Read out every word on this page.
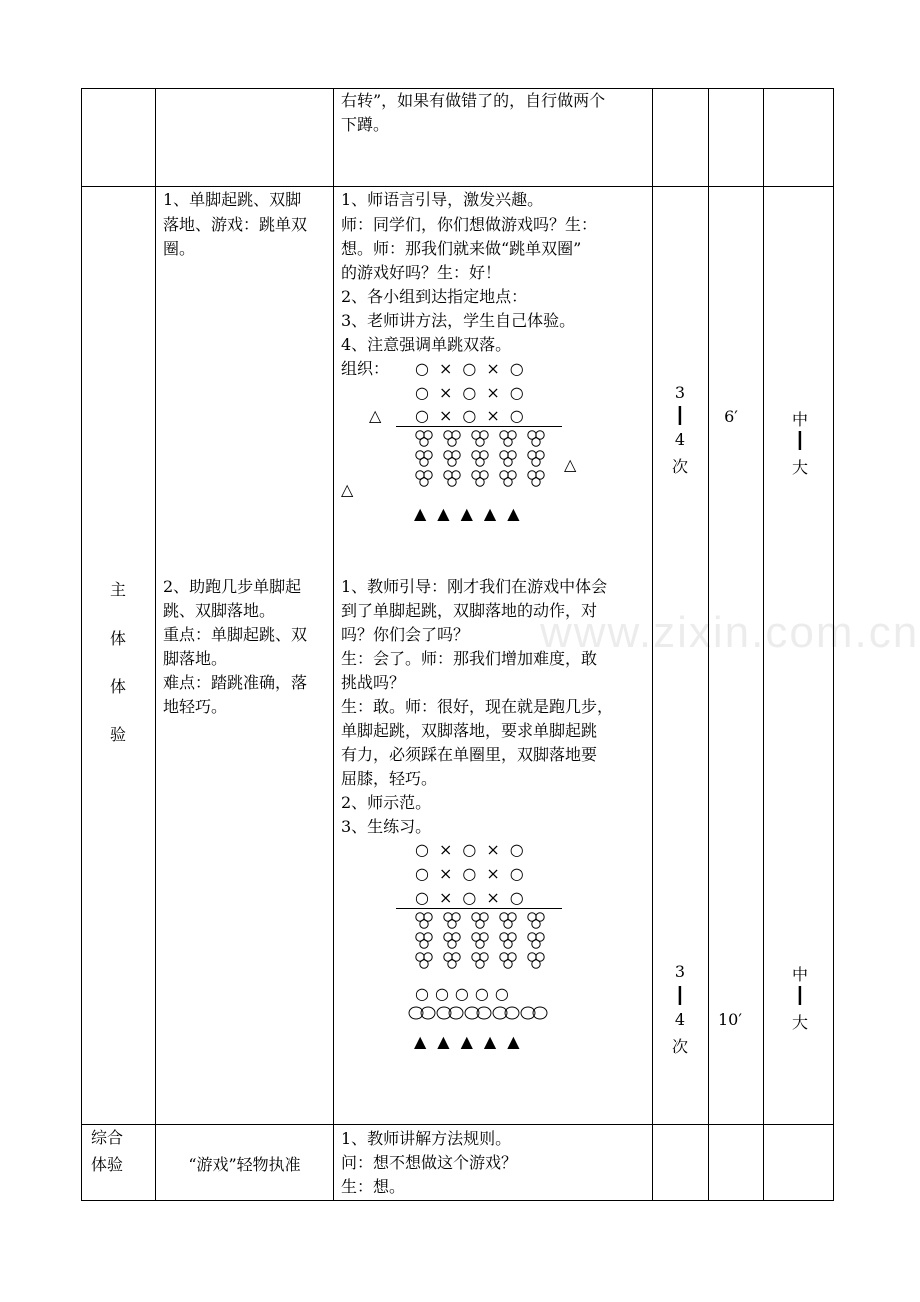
右转”，如果有做错了的，自行做两个
下蹲。
主
体
体
验
1、单脚起跳、双脚
落地、游戏：跳单双
圈。
1、师语言引导，激发兴趣。
师：同学们，你们想做游戏吗？生：
想。师：那我们就来做“跳单双圈”
的游戏好吗？生：好！
2、各小组到达指定地点：
3、老师讲方法，学生自己体验。
4、注意强调单跳双落。
组织： ○×○×○
○×○×○
○×○×○
△
△
△
▲▲▲▲▲
3
┃
4
次
6′	中
┃
大
2、助跑几步单脚起
跳、双脚落地。
重点：单脚起跳、双
脚落地。
难点：踏跳准确，落
地轻巧。
1、教师引导：刚才我们在游戏中体会
到了单脚起跳，双脚落地的动作，对
吗？你们会了吗？
生：会了。师：那我们增加难度，敢
挑战吗？
生：敢。师：很好，现在就是跑几步，
单脚起跳，双脚落地，要求单脚起跳
有力，必须踩在单圈里，双脚落地要
屈膝，轻巧。
2、师示范。
3、生练习。
○×○×○
○×○×○
○×○×○
○○○○○
▲▲▲▲▲
3
┃
4
次
10′
中
┃
大
综合
体验	“游戏”轻物执准
1、教师讲解方法规则。
问：想不想做这个游戏？
生：想。
www.zixin.com.cn
